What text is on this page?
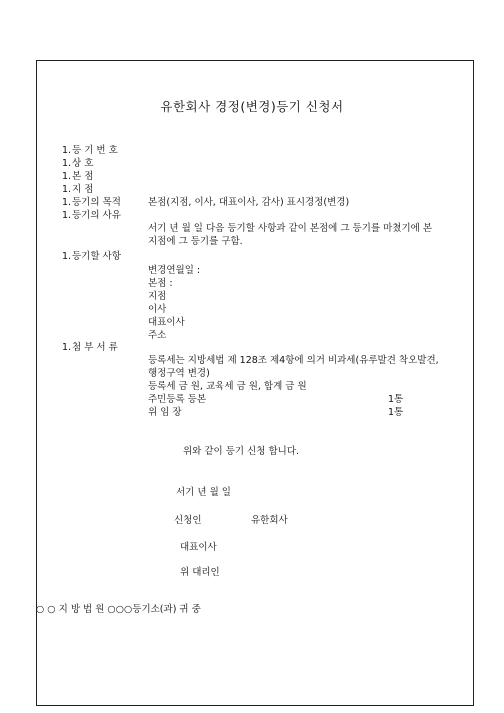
유한회사 경정(변경)등기 신청서
1. 등 기 번 호
1. 상 호
1. 본 점
1. 지 점
1. 등기의 목적	본점(지점, 이사, 대표이사, 감사) 표시경정(변경)
1. 등기의 사유
서기 년 월 일 다음 등기할 사항과 같이 본점에 그 등기를 마쳤기에 본 지점에 그 등기를 구함.
1. 등기할 사항
1. 첨 부 서 류
변경연월일 :
본점 :
지점
이사
대표이사
주소
등록세는 지방세법 제 128조 제4항에 의거 비과세(유루발견 착오발견, 행정구역 변경)
등록세 금 원, 교육세 금 원, 합계 금 원
주민등록 등본	1통
위 임 장	1통
위와 같이 등기 신청 합니다.
서기 년 월 일
신청인	유한회사
대표이사
위 대리인
○ ○ 지 방 법 원 ○○○등기소(과) 귀 중
